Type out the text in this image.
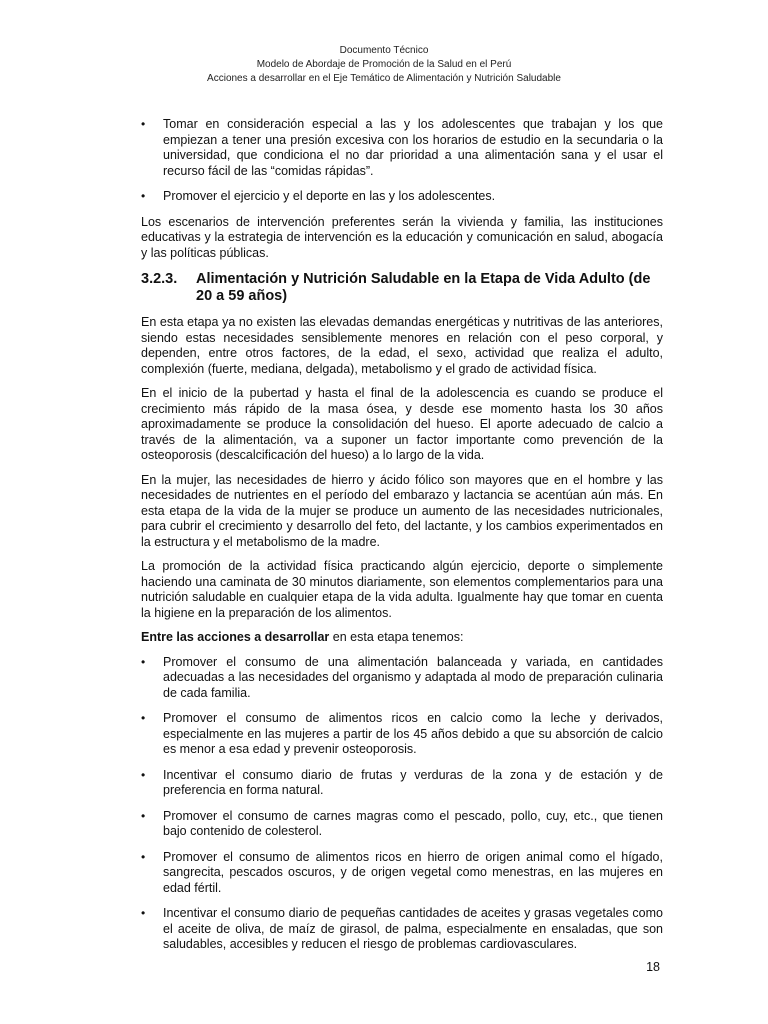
Documento Técnico
Modelo de Abordaje de Promoción de la Salud en el Perú
Acciones a desarrollar en el Eje Temático de Alimentación y Nutrición Saludable
• Tomar en consideración especial a las y los adolescentes que trabajan y los que empiezan a tener una presión excesiva con los horarios de estudio en la secundaria o la universidad, que condiciona el no dar prioridad a una alimentación sana y el usar el recurso fácil de las “comidas rápidas”.
• Promover el ejercicio y el deporte en las y los adolescentes.

Los escenarios de intervención preferentes serán la vivienda y familia, las instituciones educativas y la estrategia de intervención es la educación y comunicación en salud, abogacía y las políticas públicas.

3.2.3.	Alimentación y Nutrición Saludable en la Etapa de Vida Adulto (de 20 a 59 años)

En esta etapa ya no existen las elevadas demandas energéticas y nutritivas de las anteriores, siendo estas necesidades sensiblemente menores en relación con el peso corporal, y dependen, entre otros factores, de la edad, el sexo, actividad que realiza el adulto, complexión (fuerte, mediana, delgada), metabolismo y el grado de actividad física.

En el inicio de la pubertad y hasta el final de la adolescencia es cuando se produce el crecimiento más rápido de la masa ósea, y desde ese momento hasta los 30 años aproximadamente se produce la consolidación del hueso. El aporte adecuado de calcio a través de la alimentación, va a suponer un factor importante como prevención de la osteoporosis (descalcificación del hueso) a lo largo de la vida.

En la mujer, las necesidades de hierro y ácido fólico son mayores que en el hombre y las necesidades de nutrientes en el período del embarazo y lactancia se acentúan aún más. En esta etapa de la vida de la mujer se produce un aumento de las necesidades nutricionales, para cubrir el crecimiento y desarrollo del feto, del lactante, y los cambios experimentados en la estructura y el metabolismo de la madre.

La promoción de la actividad física practicando algún ejercicio, deporte o simplemente haciendo una caminata de 30 minutos diariamente, son elementos complementarios para una nutrición saludable en cualquier etapa de la vida adulta. Igualmente hay que tomar en cuenta la higiene en la preparación de los alimentos.

Entre las acciones a desarrollar en esta etapa tenemos:

• Promover el consumo de una alimentación balanceada y variada, en cantidades adecuadas a las necesidades del organismo y adaptada al modo de preparación culinaria de cada familia.
• Promover el consumo de alimentos ricos en calcio como la leche y derivados, especialmente en las mujeres a partir de los 45 años debido a que su absorción de calcio es menor a esa edad y prevenir osteoporosis.
• Incentivar el consumo diario de frutas y verduras de la zona y de estación y de preferencia en forma natural.
• Promover el consumo de carnes magras como el pescado, pollo, cuy, etc., que tienen bajo contenido de colesterol.
• Promover el consumo de alimentos ricos en hierro de origen animal como el hígado, sangrecita, pescados oscuros, y de origen vegetal como menestras, en las mujeres en edad fértil.
• Incentivar el consumo diario de pequeñas cantidades de aceites y grasas vegetales como el aceite de oliva, de maíz de girasol, de palma, especialmente en ensaladas, que son saludables, accesibles y reducen el riesgo de problemas cardiovasculares.
18
